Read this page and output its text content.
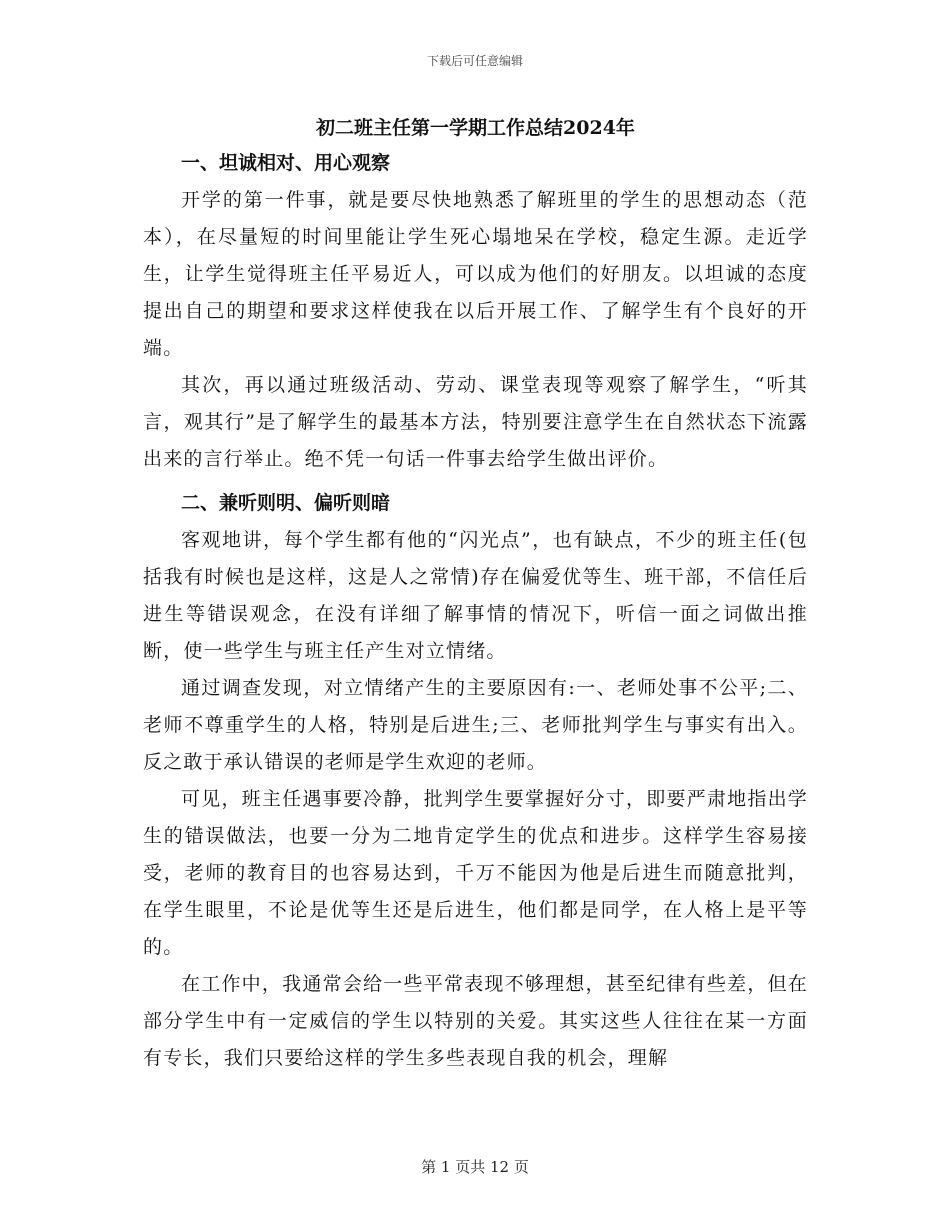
下载后可任意编辑

初二班主任第一学期工作总结2024年

一、坦诚相对、用心观察

开学的第一件事，就是要尽快地熟悉了解班里的学生的思想动态（范本），在尽量短的时间里能让学生死心塌地呆在学校，稳定生源。走近学生，让学生觉得班主任平易近人，可以成为他们的好朋友。以坦诚的态度提出自己的期望和要求这样使我在以后开展工作、了解学生有个良好的开端。

其次，再以通过班级活动、劳动、课堂表现等观察了解学生，“听其言，观其行”是了解学生的最基本方法，特别要注意学生在自然状态下流露出来的言行举止。绝不凭一句话一件事去给学生做出评价。

二、兼听则明、偏听则暗

客观地讲，每个学生都有他的“闪光点”，也有缺点，不少的班主任(包括我有时候也是这样，这是人之常情)存在偏爱优等生、班干部，不信任后进生等错误观念，在没有详细了解事情的情况下，听信一面之词做出推断，使一些学生与班主任产生对立情绪。

通过调查发现，对立情绪产生的主要原因有:一、老师处事不公平;二、老师不尊重学生的人格，特别是后进生;三、老师批判学生与事实有出入。反之敢于承认错误的老师是学生欢迎的老师。

可见，班主任遇事要冷静，批判学生要掌握好分寸，即要严肃地指出学生的错误做法，也要一分为二地肯定学生的优点和进步。这样学生容易接受，老师的教育目的也容易达到，千万不能因为他是后进生而随意批判，在学生眼里，不论是优等生还是后进生，他们都是同学，在人格上是平等的。

在工作中，我通常会给一些平常表现不够理想，甚至纪律有些差，但在部分学生中有一定威信的学生以特别的关爱。其实这些人往往在某一方面有专长，我们只要给这样的学生多些表现自我的机会，理解

第 1 页共 12 页
